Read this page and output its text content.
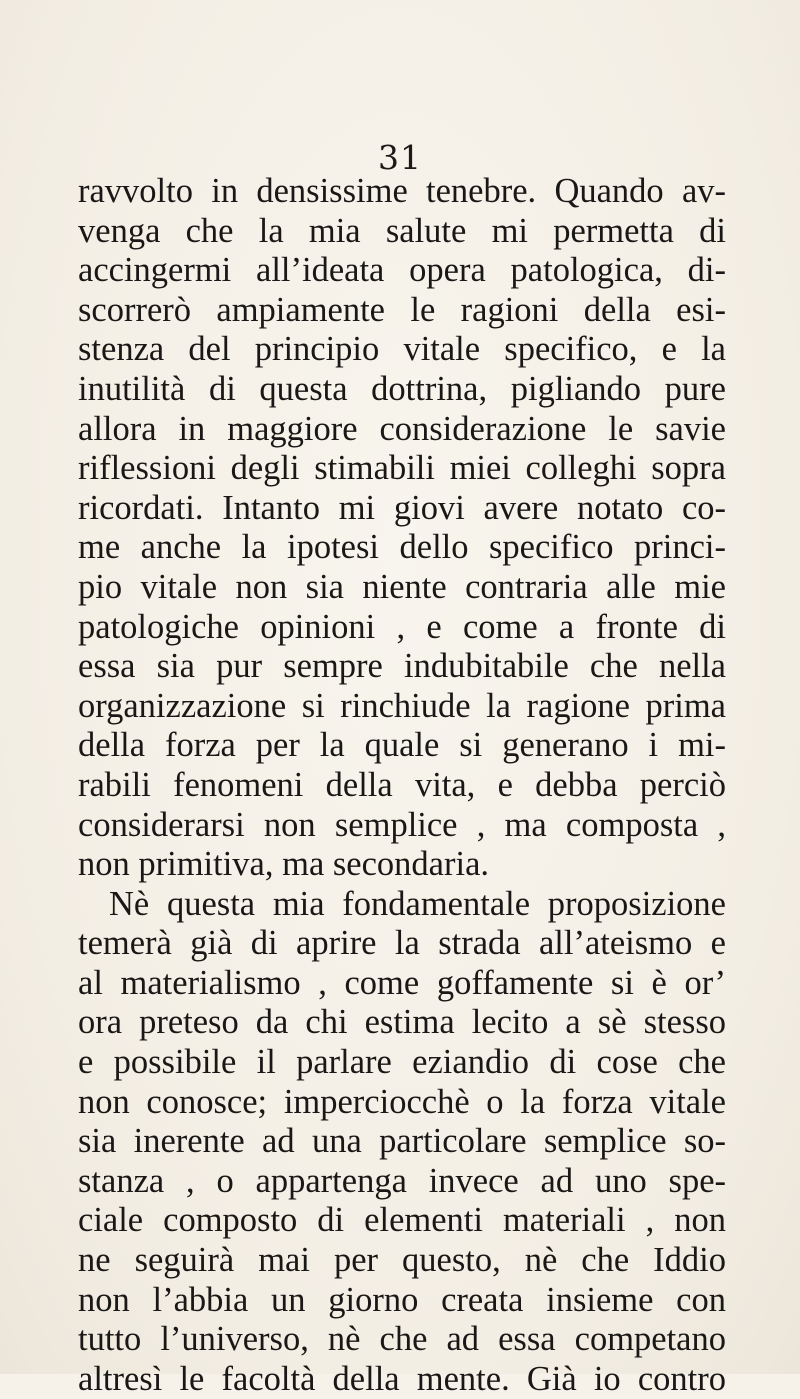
31
ravvolto in densissime tenebre. Quando av-
venga che la mia salute mi permetta di
accingermi all’ideata opera patologica, di-
scorrerò ampiamente le ragioni della esi-
stenza del principio vitale specifico, e la
inutilità di questa dottrina, pigliando pure
allora in maggiore considerazione le savie
riflessioni degli stimabili miei colleghi sopra
ricordati. Intanto mi giovi avere notato co-
me anche la ipotesi dello specifico princi-
pio vitale non sia niente contraria alle mie
patologiche opinioni , e come a fronte di
essa sia pur sempre indubitabile che nella
organizzazione si rinchiude la ragione prima
della forza per la quale si generano i mi-
rabili fenomeni della vita, e debba perciò
considerarsi non semplice , ma composta ,
non primitiva, ma secondaria.
Nè questa mia fondamentale proposizione
temerà già di aprire la strada all’ateismo e
al materialismo , come goffamente si è or’
ora preteso da chi estima lecito a sè stesso
e possibile il parlare eziandio di cose che
non conosce; imperciocchè o la forza vitale
sia inerente ad una particolare semplice so-
stanza , o appartenga invece ad uno spe-
ciale composto di elementi materiali , non
ne seguirà mai per questo, nè che Iddio
non l’abbia un giorno creata insieme con
tutto l’universo, nè che ad essa competano
altresì le facoltà della mente. Già io contro
